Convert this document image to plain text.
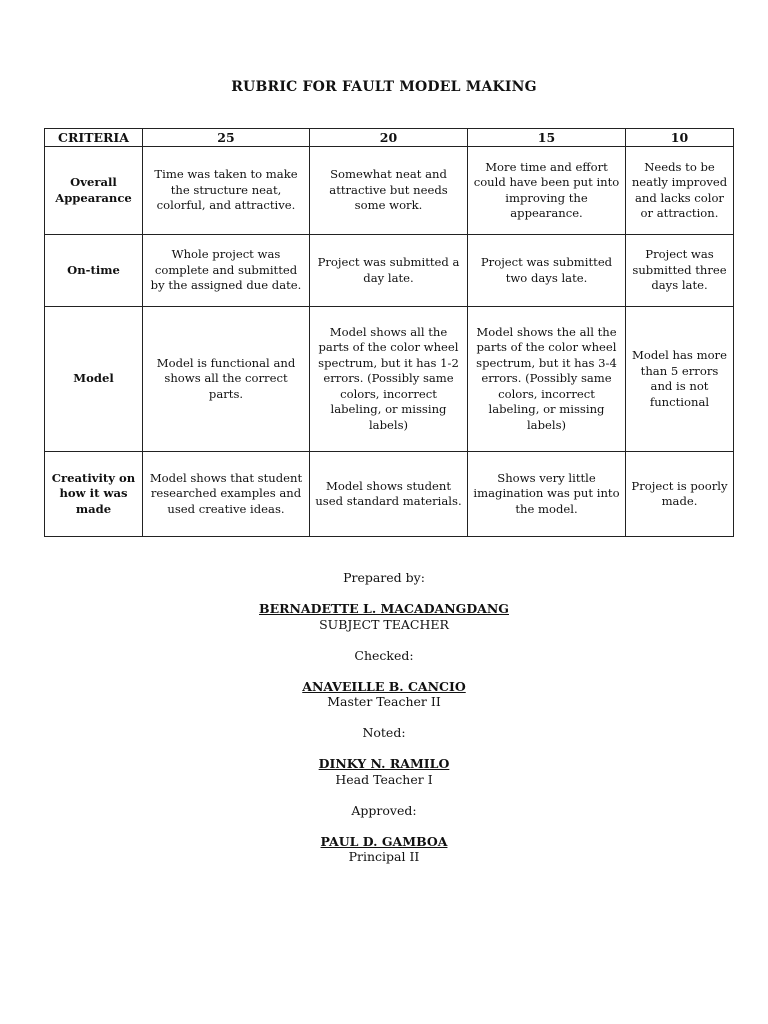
RUBRIC FOR FAULT MODEL MAKING
CRITERIA	25	20	15	10
Overall Appearance	Time was taken to make the structure neat, colorful, and attractive.	Somewhat neat and attractive but needs some work.	More time and effort could have been put into improving the appearance.	Needs to be neatly improved and lacks color or attraction.
On-time	Whole project was complete and submitted by the assigned due date.	Project was submitted a day late.	Project was submitted two days late.	Project was submitted three days late.
Model	Model is functional and shows all the correct parts.	Model shows all the parts of the color wheel spectrum, but it has 1-2 errors. (Possibly same colors, incorrect labeling, or missing labels)	Model shows the all the parts of the color wheel spectrum, but it has 3-4 errors. (Possibly same colors, incorrect labeling, or missing labels)	Model has more than 5 errors and is not functional
Creativity on how it was made	Model shows that student researched examples and used creative ideas.	Model shows student used standard materials.	Shows very little imagination was put into the model.	Project is poorly made.

Prepared by:

BERNADETTE L. MACADANGDANG

SUBJECT TEACHER

Checked:

ANAVEILLE B. CANCIO

Master Teacher II

Noted:

DINKY N. RAMILO

Head Teacher I

Approved:

PAUL D. GAMBOA

Principal II
